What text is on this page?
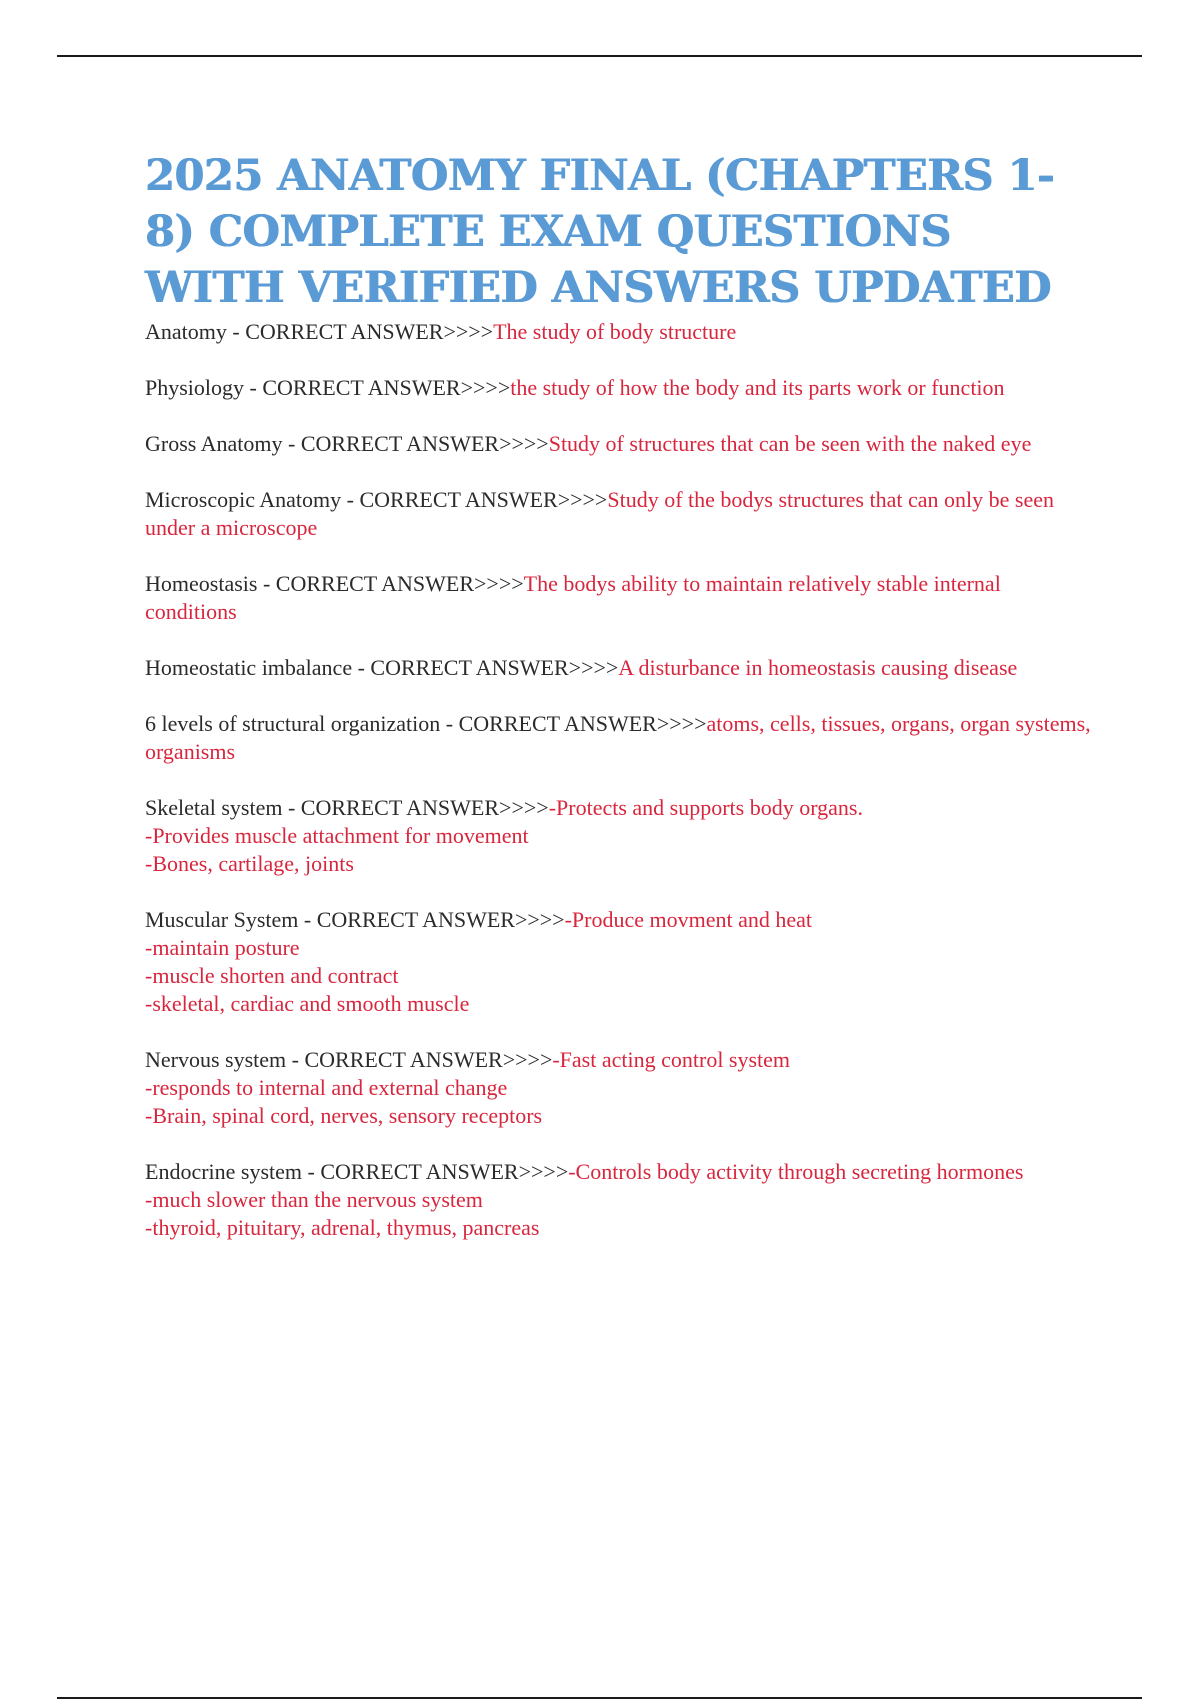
2025 ANATOMY FINAL (CHAPTERS 1-8) COMPLETE EXAM QUESTIONS WITH VERIFIED ANSWERS UPDATED
Anatomy - CORRECT ANSWER>>>>The study of body structure
Physiology - CORRECT ANSWER>>>>the study of how the body and its parts work or function
Gross Anatomy - CORRECT ANSWER>>>>Study of structures that can be seen with the naked eye
Microscopic Anatomy - CORRECT ANSWER>>>>Study of the bodys structures that can only be seen under a microscope
Homeostasis - CORRECT ANSWER>>>>The bodys ability to maintain relatively stable internal conditions
Homeostatic imbalance - CORRECT ANSWER>>>>A disturbance in homeostasis causing disease
6 levels of structural organization - CORRECT ANSWER>>>>atoms, cells, tissues, organs, organ systems, organisms
Skeletal system - CORRECT ANSWER>>>>-Protects and supports body organs.
-Provides muscle attachment for movement
-Bones, cartilage, joints
Muscular System - CORRECT ANSWER>>>>-Produce movment and heat
-maintain posture
-muscle shorten and contract
-skeletal, cardiac and smooth muscle
Nervous system - CORRECT ANSWER>>>>-Fast acting control system
-responds to internal and external change
-Brain, spinal cord, nerves, sensory receptors
Endocrine system - CORRECT ANSWER>>>>-Controls body activity through secreting hormones
-much slower than the nervous system
-thyroid, pituitary, adrenal, thymus, pancreas
